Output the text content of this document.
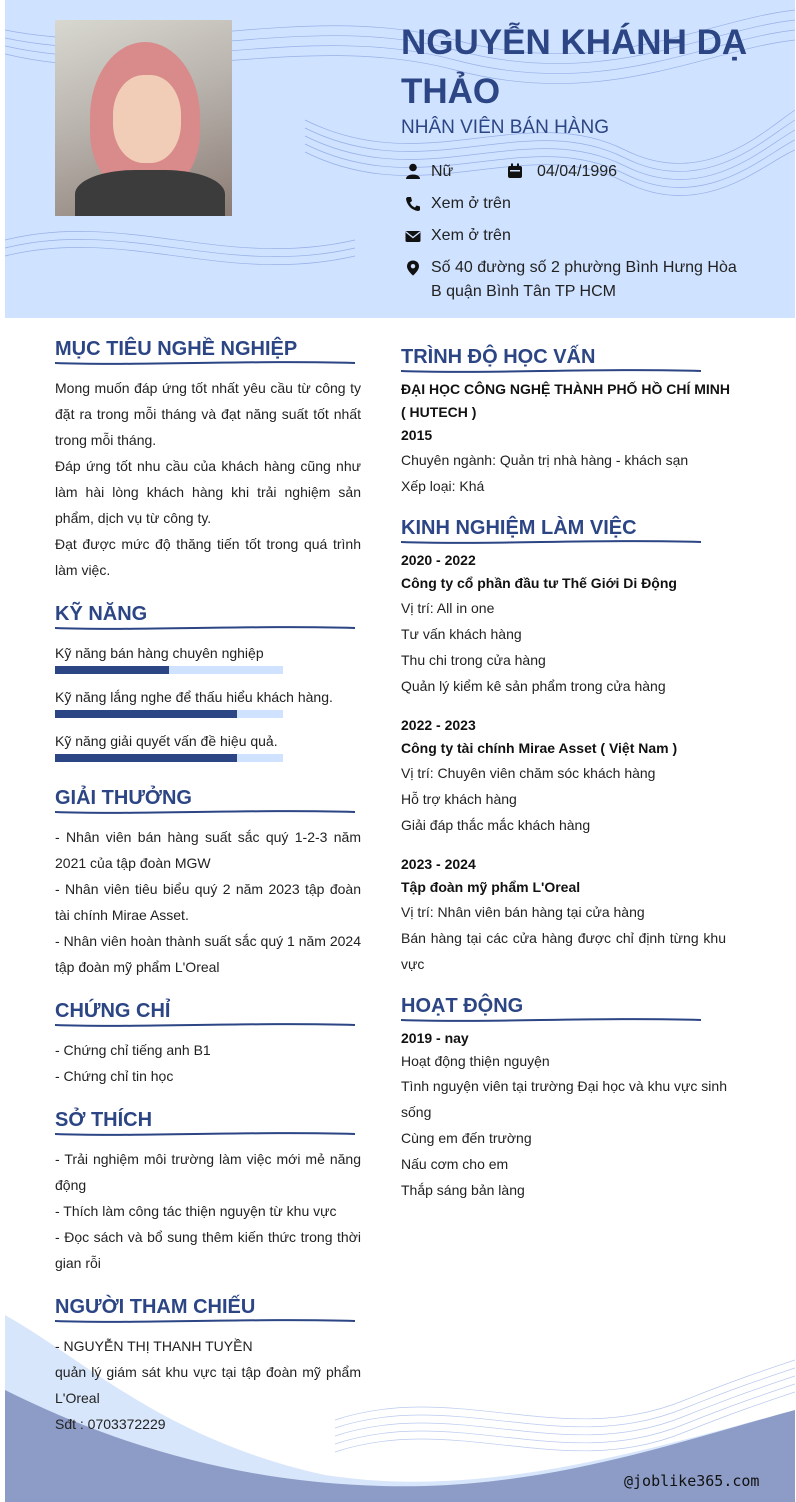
NGUYỄN KHÁNH DẠ THẢO
NHÂN VIÊN BÁN HÀNG
Nữ	04/04/1996
Xem ở trên
Xem ở trên
Số 40 đường số 2 phường Bình Hưng Hòa B quận Bình Tân TP HCM
MỤC TIÊU NGHỀ NGHIỆP

Mong muốn đáp ứng tốt nhất yêu cầu từ công ty đặt ra trong mỗi tháng và đạt năng suất tốt nhất trong mỗi tháng.

Đáp ứng tốt nhu cầu của khách hàng cũng như làm hài lòng khách hàng khi trải nghiệm sản phẩm, dịch vụ từ công ty.

Đạt được mức độ thăng tiến tốt trong quá trình làm việc.

KỸ NĂNG
Kỹ năng bán hàng chuyên nghiệp
Kỹ năng lắng nghe để thấu hiểu khách hàng.
Kỹ năng giải quyết vấn đề hiệu quả.
GIẢI THƯỞNG

- Nhân viên bán hàng suất sắc quý 1-2-3 năm 2021 của tập đoàn MGW

- Nhân viên tiêu biểu quý 2 năm 2023 tập đoàn tài chính Mirae Asset.

- Nhân viên hoàn thành suất sắc quý 1 năm 2024 tập đoàn mỹ phẩm L'Oreal

CHỨNG CHỈ
- Chứng chỉ tiếng anh B1
- Chứng chỉ tin học
SỞ THÍCH

- Trải nghiệm môi trường làm việc mới mẻ năng động

- Thích làm công tác thiện nguyện từ khu vực

- Đọc sách và bổ sung thêm kiến thức trong thời gian rỗi

NGƯỜI THAM CHIẾU
- NGUYỄN THỊ THANH TUYỀN

quản lý giám sát khu vực tại tập đoàn mỹ phẩm L'Oreal

Sđt : 0703372229
TRÌNH ĐỘ HỌC VẤN
ĐẠI HỌC CÔNG NGHỆ THÀNH PHỐ HỒ CHÍ MINH ( HUTECH )
2015
Chuyên ngành: Quản trị nhà hàng - khách sạn
Xếp loại: Khá
KINH NGHIỆM LÀM VIỆC
2020 - 2022
Công ty cổ phần đầu tư Thế Giới Di Động
Vị trí: All in one
Tư vấn khách hàng
Thu chi trong cửa hàng
Quản lý kiểm kê sản phẩm trong cửa hàng
2022 - 2023
Công ty tài chính Mirae Asset ( Việt Nam )
Vị trí: Chuyên viên chăm sóc khách hàng
Hỗ trợ khách hàng
Giải đáp thắc mắc khách hàng
2023 - 2024
Tập đoàn mỹ phẩm L'Oreal
Vị trí: Nhân viên bán hàng tại cửa hàng

Bán hàng tại các cửa hàng được chỉ định từng khu vực

HOẠT ĐỘNG
2019 - nay
Hoạt động thiện nguyện

Tình nguyện viên tại trường Đại học và khu vực sinh sống

Cùng em đến trường
Nấu cơm cho em
Thắp sáng bản làng
@joblike365.com
